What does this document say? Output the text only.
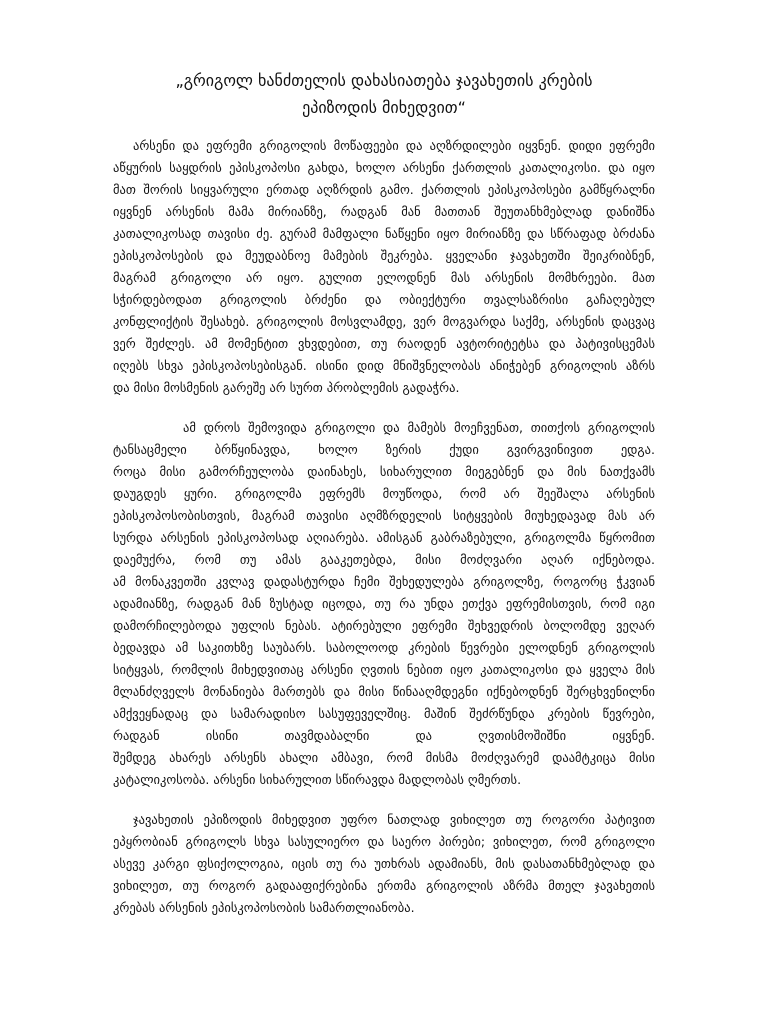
„გრიგოლ ხანძთელის დახასიათება ჯავახეთის კრების
ეპიზოდის მიხედვით“
არსენი და ეფრემი გრიგოლის მოწაფეები და აღზრდილები იყვნენ. დიდი ეფრემი
აწყურის საყდრის ეპისკოპოსი გახდა, ხოლო არსენი ქართლის კათალიკოსი. და იყო
მათ შორის სიყვარული ერთად აღზრდის გამო. ქართლის ეპისკოპოსები გამწყრალნი
იყვნენ არსენის მამა მირიანზე, რადგან მან მათთან შეუთანხმებლად დანიშნა
კათალიკოსად თავისი ძე. გურამ მამფალი ნაწყენი იყო მირიანზე და სწრაფად ბრძანა
ეპისკოპოსების და მეუდაბნოე მამების შეკრება. ყველანი ჯავახეთში შეიკრიბნენ,
მაგრამ გრიგოლი არ იყო. გულით ელოდნენ მას არსენის მომხრეები. მათ
სჭირდებოდათ გრიგოლის ბრძენი და ობიექტური თვალსაზრისი გაჩაღებულ
კონფლიქტის შესახებ. გრიგოლის მოსვლამდე, ვერ მოგვარდა საქმე, არსენის დაცვაც
ვერ შეძლეს. ამ მომენტით ვხვდებით, თუ რაოდენ ავტორიტეტსა და პატივისცემას
იღებს სხვა ეპისკოპოსებისგან. ისინი დიდ მნიშვნელობას ანიჭებენ გრიგოლის აზრს
და მისი მოსმენის გარეშე არ სურთ პრობლემის გადაჭრა.
ამ დროს შემოვიდა გრიგოლი და მამებს მოეჩვენათ, თითქოს გრიგოლის
ტანსაცმელი ბრწყინავდა, ხოლო ზერის ქუდი გვირგვინივით ედგა.
როცა მისი გამორჩეულობა დაინახეს, სიხარულით მიეგებნენ და მის ნათქვამს
დაუგდეს ყური. გრიგოლმა ეფრემს მოუწოდა, რომ არ შეეშალა არსენის
ეპისკოპოსობისთვის, მაგრამ თავისი აღმზრდელის სიტყვების მიუხედავად მას არ
სურდა არსენის ეპისკოპოსად აღიარება. ამისგან გაბრაზებული, გრიგოლმა წყრომით
დაემუქრა, რომ თუ ამას გააკეთებდა, მისი მოძღვარი აღარ იქნებოდა.
ამ მონაკვეთში კვლავ დადასტურდა ჩემი შეხედულება გრიგოლზე, როგორც ჭკვიან
ადამიანზე, რადგან მან ზუსტად იცოდა, თუ რა უნდა ეთქვა ეფრემისთვის, რომ იგი
დამორჩილებოდა უფლის ნებას. ატირებული ეფრემი შეხვედრის ბოლომდე ვეღარ
ბედავდა ამ საკითხზე საუბარს. საბოლოოდ კრების წევრები ელოდნენ გრიგოლის
სიტყვას, რომლის მიხედვითაც არსენი ღვთის ნებით იყო კათალიკოსი და ყველა მის
მლანძღველს მონანიება მართებს და მისი წინააღმდეგნი იქნებოდნენ შერცხვენილნი
ამქვეყნადაც და სამარადისო სასუფეველშიც. მაშინ შეძრწუნდა კრების წევრები,
რადგან ისინი თავმდაბალნი და ღვთისმოშიშნი იყვნენ.
შემდეგ ახარეს არსენს ახალი ამბავი, რომ მისმა მოძღვარემ დაამტკიცა მისი
კატალიკოსობა. არსენი სიხარულით სწირავდა მადლობას ღმერთს.
ჯავახეთის ეპიზოდის მიხედვით უფრო ნათლად ვიხილეთ თუ როგორი პატივით
ეპყრობიან გრიგოლს სხვა სასულიერო და საერო პირები; ვიხილეთ, რომ გრიგოლი
ასევე კარგი ფსიქოლოგია, იცის თუ რა უთხრას ადამიანს, მის დასათანხმებლად და
ვიხილეთ, თუ როგორ გადააფიქრებინა ერთმა გრიგოლის აზრმა მთელ ჯავახეთის
კრებას არსენის ეპისკოპოსობის სამართლიანობა.
